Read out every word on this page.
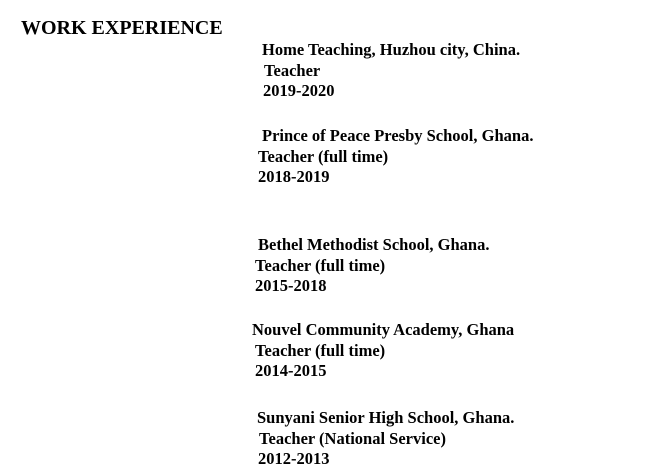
WORK EXPERIENCE
Home Teaching, Huzhou city, China.
Teacher
2019-2020
Prince of Peace Presby School, Ghana.
Teacher (full time)
2018-2019
Bethel Methodist School, Ghana.
Teacher (full time)
2015-2018
Nouvel Community Academy, Ghana
Teacher (full time)
2014-2015
Sunyani Senior High School, Ghana.
Teacher (National Service)
2012-2013
